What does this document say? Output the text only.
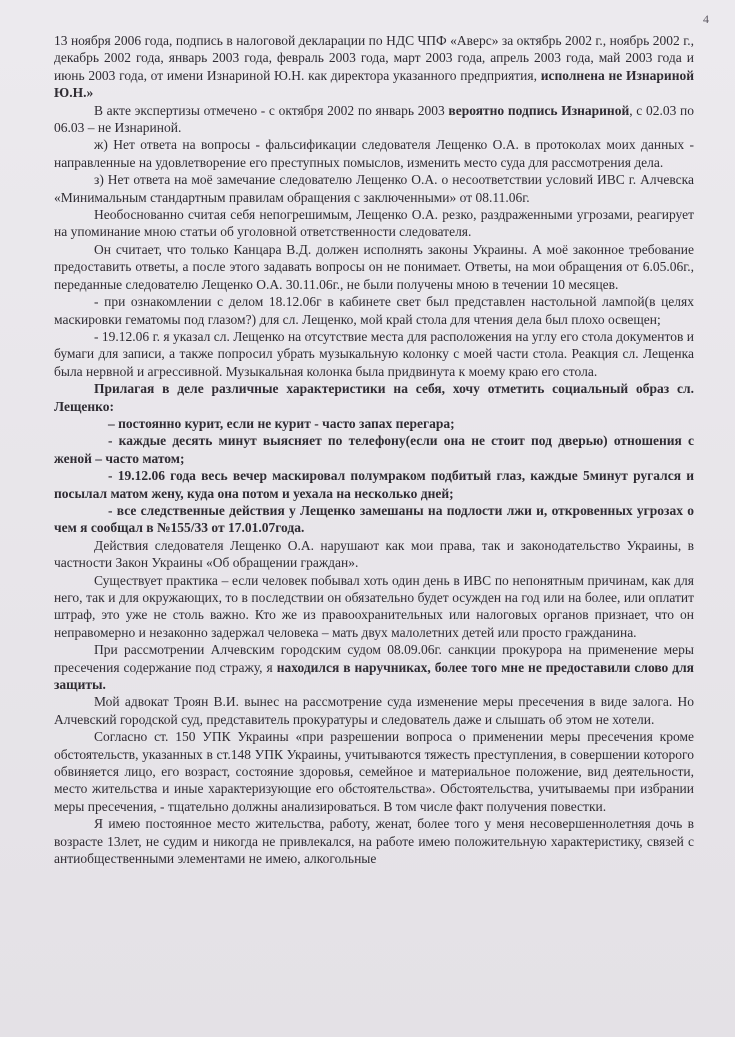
4

13 ноября 2006 года, подпись в налоговой декларации по НДС ЧПФ «Аверс» за октябрь 2002 г., ноябрь 2002 г., декабрь 2002 года, январь 2003 года, февраль 2003 года, март 2003 года, апрель 2003 года, май 2003 года и июнь 2003 года, от имени Изнариной Ю.Н. как директора указанного предприятия, исполнена не Изнариной Ю.Н.»

В акте экспертизы отмечено - с октября 2002 по январь 2003 вероятно подпись Изнариной, с 02.03 по 06.03 – не Изнариной.

ж) Нет ответа на вопросы - фальсификации следователя Лещенко О.А. в протоколах моих данных - направленные на удовлетворение его преступных помыслов, изменить место суда для рассмотрения дела.

з) Нет ответа на моё замечание следователю Лещенко О.А. о несоответствии условий ИВС г. Алчевска «Минимальным стандартным правилам обращения с заключенными» от 08.11.06г.

Необоснованно считая себя непогрешимым, Лещенко О.А. резко, раздраженными угрозами, реагирует на упоминание мною статьи об уголовной ответственности следователя.

Он считает, что только Канцара В.Д. должен исполнять законы Украины. А моё законное требование предоставить ответы, а после этого задавать вопросы он не понимает. Ответы, на мои обращения от 6.05.06г., переданные следователю Лещенко О.А. 30.11.06г., не были получены мною в течении 10 месяцев.

- при ознакомлении с делом 18.12.06г в кабинете свет был представлен настольной лампой(в целях маскировки гематомы под глазом?) для сл. Лещенко, мой край стола для чтения дела был плохо освещен;

- 19.12.06 г. я указал сл. Лещенко на отсутствие места для расположения на углу его стола документов и бумаги для записи, а также попросил убрать музыкальную колонку с моей части стола. Реакция сл. Лещенка была нервной и агрессивной. Музыкальная колонка была придвинута к моему краю его стола.

Прилагая в деле различные характеристики на себя, хочу отметить социальный образ сл. Лещенко:

– постоянно курит, если не курит - часто запах перегара;

- каждые десять минут выясняет по телефону(если она не стоит под дверью) отношения с женой – часто матом;

- 19.12.06 года весь вечер маскировал полумраком подбитый глаз, каждые 5минут ругался и посылал матом жену, куда она потом и уехала на несколько дней;

- все следственные действия у Лещенко замешаны на подлости лжи и, откровенных угрозах о чем я сообщал в №155/33 от 17.01.07года.

Действия следователя Лещенко О.А. нарушают как мои права, так и законодательство Украины, в частности Закон Украины «Об обращении граждан».

Существует практика – если человек побывал хоть один день в ИВС по непонятным причинам, как для него, так и для окружающих, то в последствии он обязательно будет осужден на год или на более, или оплатит штраф, это уже не столь важно. Кто же из правоохранительных или налоговых органов признает, что он неправомерно и незаконно задержал человека – мать двух малолетних детей или просто гражданина.

При рассмотрении Алчевским городским судом 08.09.06г. санкции прокурора на применение меры пресечения содержание под стражу, я находился в наручниках, более того мне не предоставили слово для защиты.

Мой адвокат Троян В.И. вынес на рассмотрение суда изменение меры пресечения в виде залога. Но Алчевский городской суд, представитель прокуратуры и следователь даже и слышать об этом не хотели.

Согласно ст. 150 УПК Украины «при разрешении вопроса о применении меры пресечения кроме обстоятельств, указанных в ст.148 УПК Украины, учитываются тяжесть преступления, в совершении которого обвиняется лицо, его возраст, состояние здоровья, семейное и материальное положение, вид деятельности, место жительства и иные характеризующие его обстоятельства». Обстоятельства, учитываемы при избрании меры пресечения, - тщательно должны анализироваться. В том числе факт получения повестки.

Я имею постоянное место жительства, работу, женат, более того у меня несовершеннолетняя дочь в возрасте 13лет, не судим и никогда не привлекался, на работе имею положительную характеристику, связей с антиобщественными элементами не имею, алкогольные
